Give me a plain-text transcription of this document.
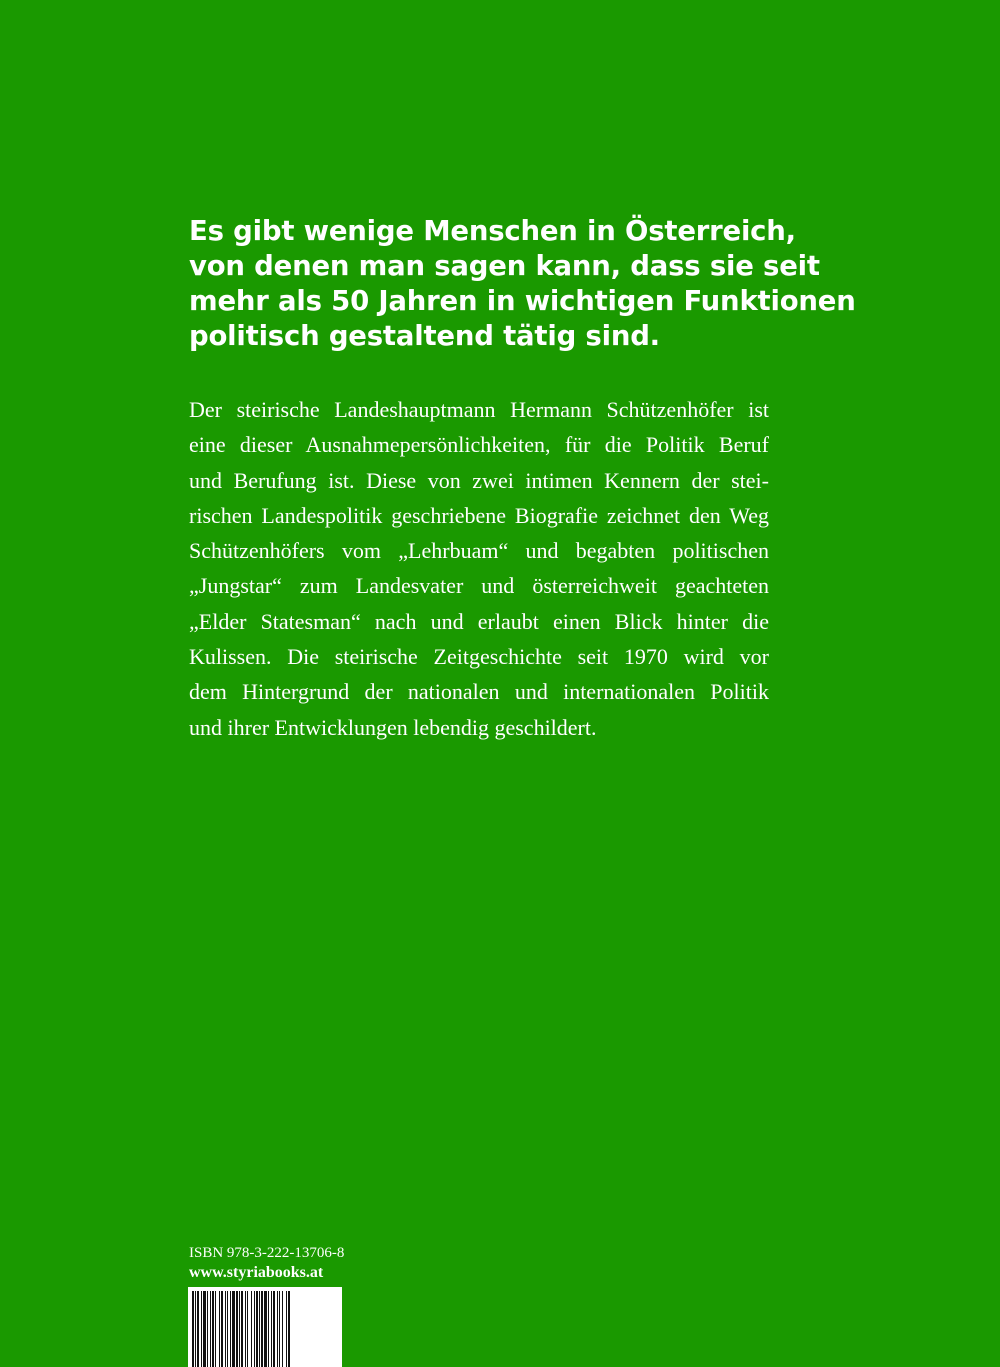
Es gibt wenige Menschen in Österreich,
von denen man sagen kann, dass sie seit
mehr als 50 Jahren in wichtigen Funktionen
politisch gestaltend tätig sind.
Der steirische Landeshauptmann Hermann Schützenhöfer ist
eine dieser Ausnahmepersönlichkeiten, für die Politik Beruf
und Berufung ist. Diese von zwei intimen Kennern der stei-
rischen Landespolitik geschriebene Biografie zeichnet den Weg
Schützenhöfers vom „Lehrbuam“ und begabten politischen
„Jungstar“ zum Landesvater und österreichweit geachteten
„Elder Statesman“ nach und erlaubt einen Blick hinter die
Kulissen. Die steirische Zeitgeschichte seit 1970 wird vor
dem Hintergrund der nationalen und internationalen Politik
und ihrer Entwicklungen lebendig geschildert.
ISBN 978-3-222-13706-8
www.styriabooks.at
